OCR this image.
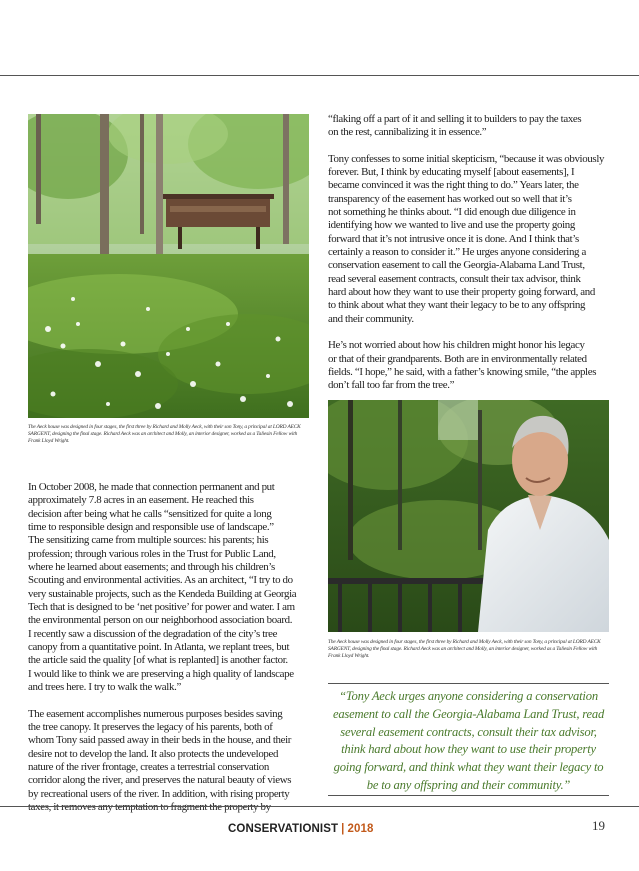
The Aeck house was designed in four stages, the first three by Richard and Molly Aeck, with their son Tony, a principal at LORD AECK SARGENT, designing the final stage. Richard Aeck was an architect and Molly, an interior designer, worked as a Taliesin Fellow with Frank Lloyd Wright.

In October 2008, he made that connection permanent and put
approximately 7.8 acres in an easement. He reached this
decision after being what he calls “sensitized for quite a long
time to responsible design and responsible use of landscape.”
The sensitizing came from multiple sources: his parents; his
profession; through various roles in the Trust for Public Land,
where he learned about easements; and through his children’s
Scouting and environmental activities. As an architect, “I try to do
very sustainable projects, such as the Kendeda Building at Georgia
Tech that is designed to be ‘net positive’ for power and water. I am
the environmental person on our neighborhood association board.
I recently saw a discussion of the degradation of the city’s tree
canopy from a quantitative point. In Atlanta, we replant trees, but
the article said the quality [of what is replanted] is another factor.
I would like to think we are preserving a high quality of landscape
and trees here. I try to walk the walk.”

The easement accomplishes numerous purposes besides saving
the tree canopy. It preserves the legacy of his parents, both of
whom Tony said passed away in their beds in the house, and their
desire not to develop the land. It also protects the undeveloped
nature of the river frontage, creates a terrestrial conservation
corridor along the river, and preserves the natural beauty of views
by recreational users of the river. In addition, with rising property

“flaking off a part of it and selling it to builders to pay the taxes
on the rest, cannibalizing it in essence.”

Tony confesses to some initial skepticism, “because it was obviously
forever. But, I think by educating myself [about easements], I
became convinced it was the right thing to do.” Years later, the
transparency of the easement has worked out so well that it’s
not something he thinks about. “I did enough due diligence in
identifying how we wanted to live and use the property going
forward that it’s not intrusive once it is done. And I think that’s
certainly a reason to consider it.” He urges anyone considering a
conservation easement to call the Georgia-Alabama Land Trust,
read several easement contracts, consult their tax advisor, think
hard about how they want to use their property going forward, and
to think about what they want their legacy to be to any offspring
and their community.

He’s not worried about how his children might honor his legacy
or that of their grandparents. Both are in environmentally related
fields. “I hope,” he said, with a father’s knowing smile, “the apples
don’t fall too far from the tree.”

The Aeck house was designed in four stages, the first three by Richard and Molly Aeck, with their son Tony, a principal at LORD AECK SARGENT, designing the final stage. Richard Aeck was an architect and Molly, an interior designer, worked as a Taliesin Fellow with Frank Lloyd Wright.
“Tony Aeck urges anyone considering a conservation easement to call the Georgia-Alabama Land Trust, read several easement contracts, consult their tax advisor, think hard about how they want to use their property going forward, and think what they want their legacy to be to any offspring and their community.”
CONSERVATIONIST | 2018	19
